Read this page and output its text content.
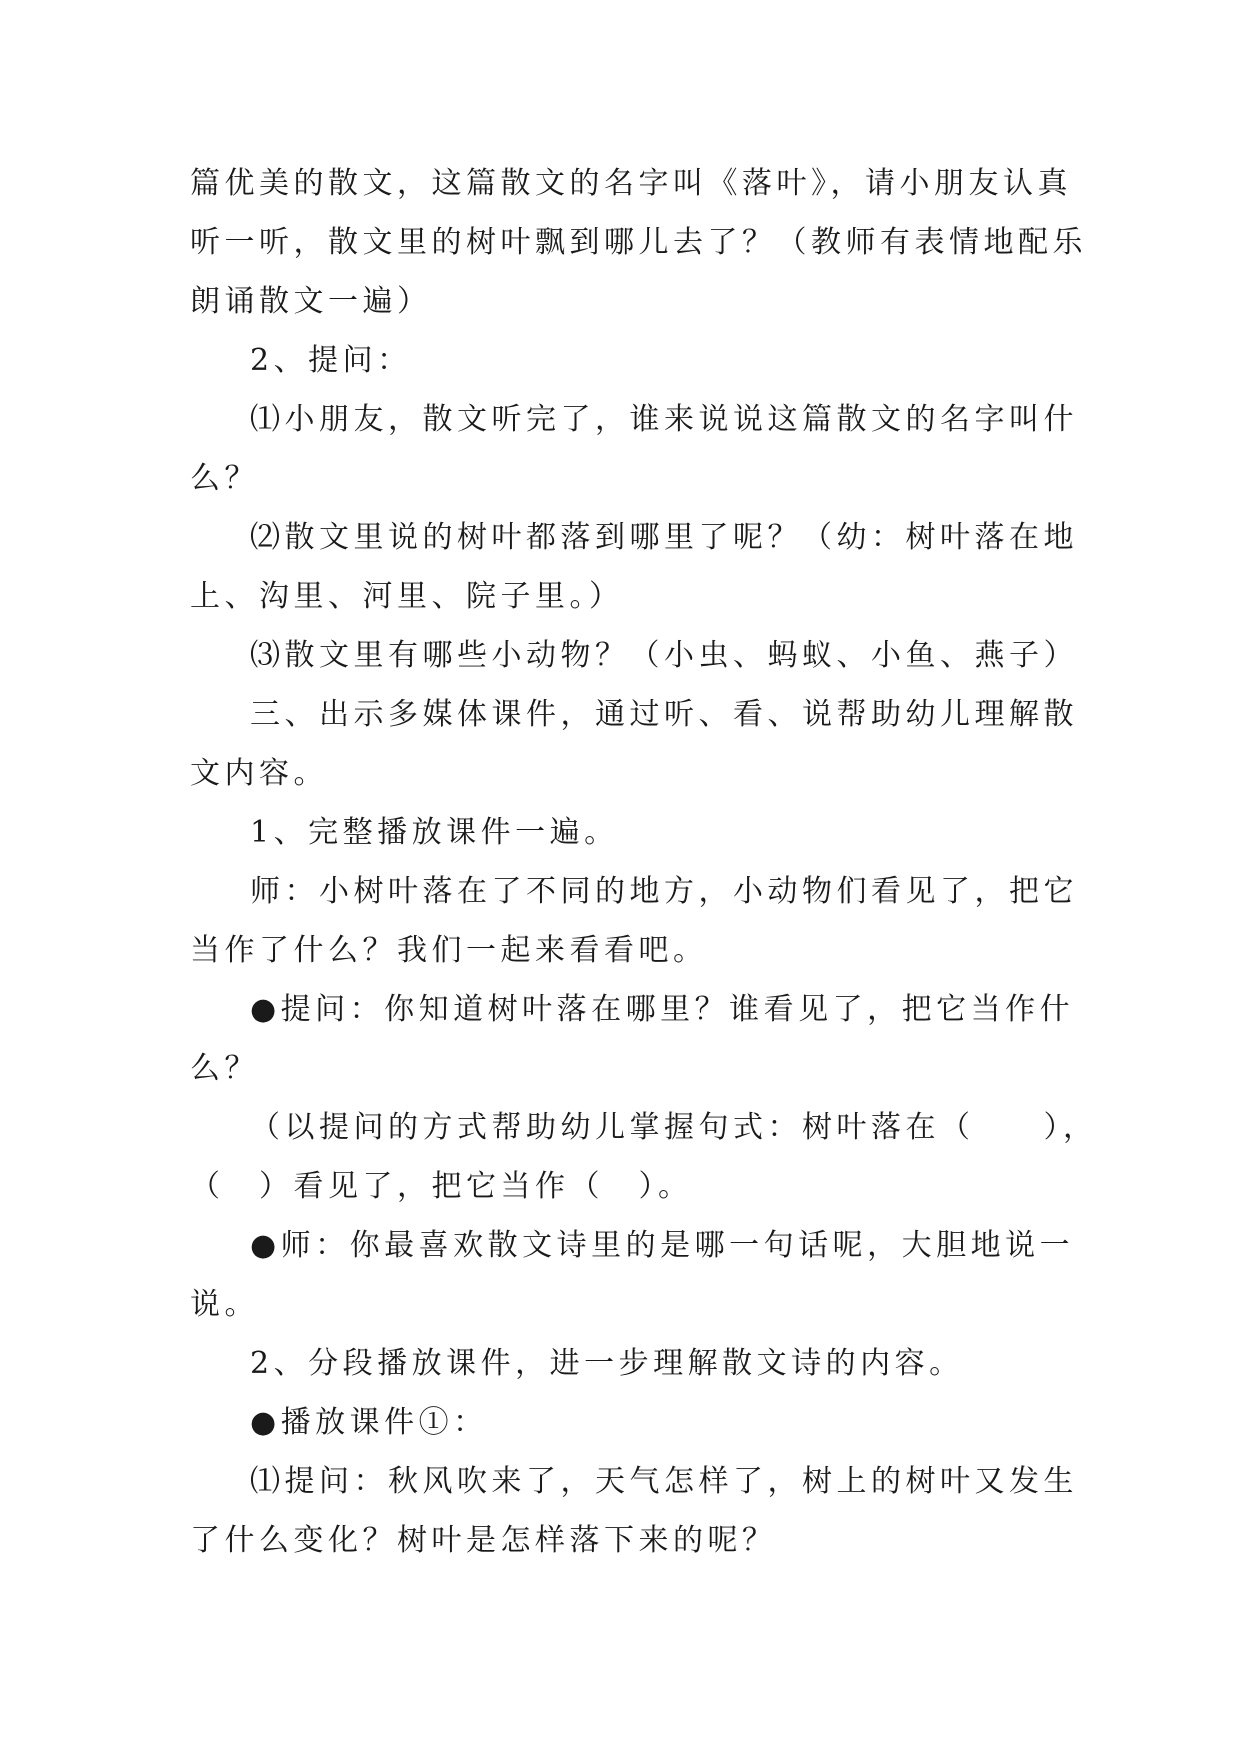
篇优美的散文，这篇散文的名字叫《落叶》，请小朋友认真
听一听，散文里的树叶飘到哪儿去了？（教师有表情地配乐
朗诵散文一遍）
2、提问：
⑴小朋友，散文听完了，谁来说说这篇散文的名字叫什
么？
⑵散文里说的树叶都落到哪里了呢？（幼：树叶落在地
上、沟里、河里、院子里。）
⑶散文里有哪些小动物？（小虫、蚂蚁、小鱼、燕子）
三、出示多媒体课件，通过听、看、说帮助幼儿理解散
文内容。
1、完整播放课件一遍。
师：小树叶落在了不同的地方，小动物们看见了，把它
当作了什么？我们一起来看看吧。
●提问：你知道树叶落在哪里？谁看见了，把它当作什
么？
（以提问的方式帮助幼儿掌握句式：树叶落在（　　），
（　）看见了，把它当作（　）。
●师：你最喜欢散文诗里的是哪一句话呢，大胆地说一
说。
2、分段播放课件，进一步理解散文诗的内容。
●播放课件①：
⑴提问：秋风吹来了，天气怎样了，树上的树叶又发生
了什么变化？树叶是怎样落下来的呢？
